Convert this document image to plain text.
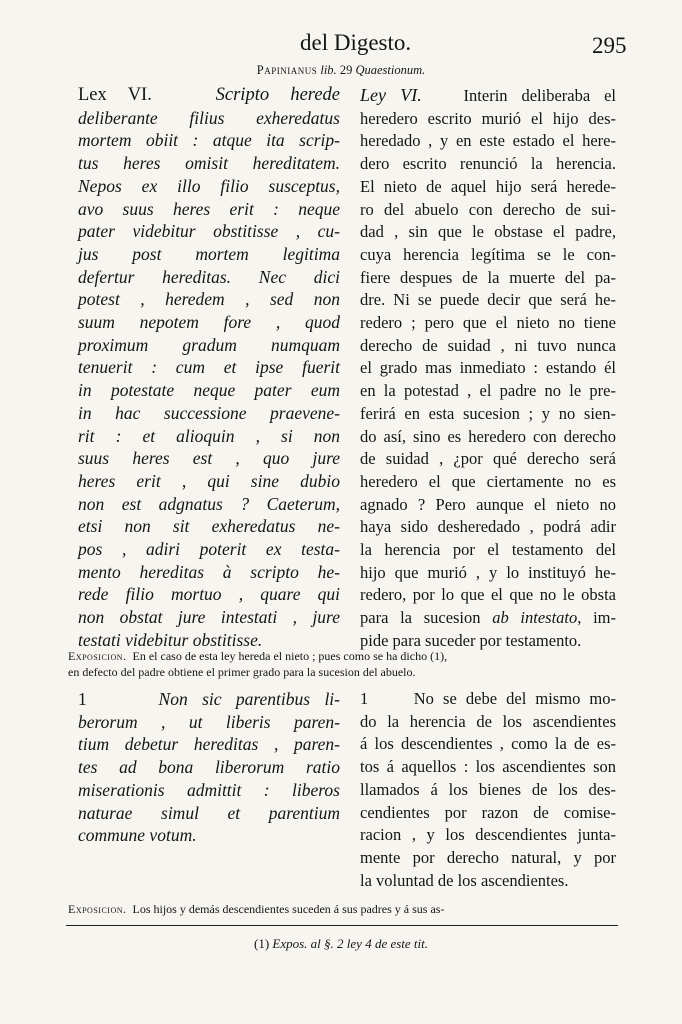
del Digesto.	295
Papinianus lib. 29 Quaestionum.
Lex VI.	Scripto herede
deliberante filius exheredatus
mortem obiit : atque ita scrip-
tus heres omisit hereditatem.
Nepos ex illo filio susceptus,
avo suus heres erit : neque
pater videbitur obstitisse , cu-
jus post mortem legitima
defertur hereditas. Nec dici
potest , heredem , sed non
suum nepotem fore , quod
proximum gradum numquam
tenuerit : cum et ipse fuerit
in potestate neque pater eum
in hac successione praevene-
rit : et alioquin , si non
suus heres est , quo jure
heres erit , qui sine dubio
non est adgnatus ? Caeterum,
etsi non sit exheredatus ne-
pos , adiri poterit ex testa-
mento hereditas à scripto he-
rede filio mortuo , quare qui
non obstat jure intestati , jure
testati videbitur obstitisse.
Ley VI.	Interin deliberaba el
heredero escrito murió el hijo des-
heredado , y en este estado el here-
dero escrito renunció la herencia.
El nieto de aquel hijo será herede-
ro del abuelo con derecho de sui-
dad , sin que le obstase el padre,
cuya herencia legítima se le con-
fiere despues de la muerte del pa-
dre. Ni se puede decir que será he-
redero ; pero que el nieto no tiene
derecho de suidad , ni tuvo nunca
el grado mas inmediato : estando él
en la potestad , el padre no le pre-
ferirá en esta sucesion ; y no sien-
do así, sino es heredero con derecho
de suidad , ¿por qué derecho será
heredero el que ciertamente no es
agnado ? Pero aunque el nieto no
haya sido desheredado , podrá adir
la herencia por el testamento del
hijo que murió , y lo instituyó he-
redero, por lo que el que no le obsta
para la sucesion ab intestato, im-
pide para suceder por testamento.
Exposicion. En el caso de esta ley hereda el nieto ; pues como se ha dicho (1),
en defecto del padre obtiene el primer grado para la sucesion del abuelo.
1	Non sic parentibus li-
berorum , ut liberis paren-
tium debetur hereditas , paren-
tes ad bona liberorum ratio
miserationis admittit : liberos
naturae simul et parentium
commune votum.
1	No se debe del mismo mo-
do la herencia de los ascendientes
á los descendientes , como la de es-
tos á aquellos : los ascendientes son
llamados á los bienes de los des-
cendientes por razon de comise-
racion , y los descendientes junta-
mente por derecho natural, y por
la voluntad de los ascendientes.
Exposicion. Los hijos y demás descendientes suceden á sus padres y á sus as-
(1) Expos. al §. 2 ley 4 de este tit.
